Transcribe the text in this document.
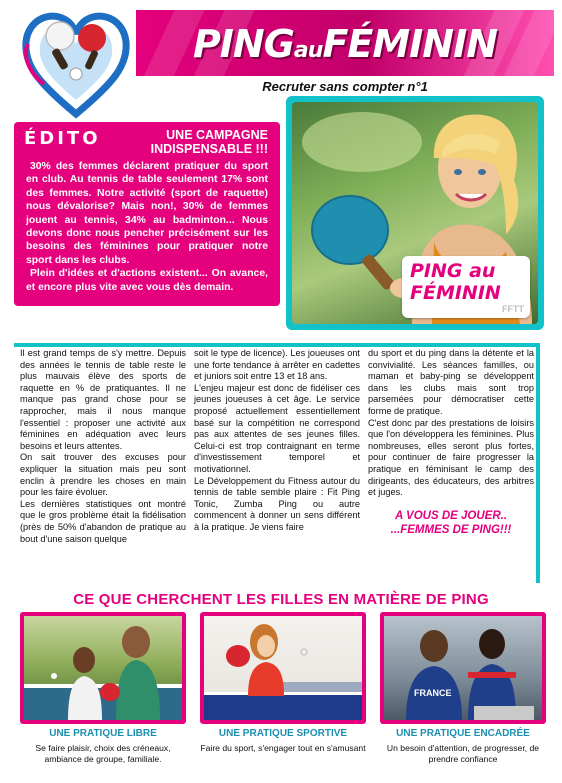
PINGauFÉMININ
Recruter sans compter n°1
ÉDITO	UNE CAMPAGNE INDISPENSABLE !!!

30% des femmes déclarent pratiquer du sport en club. Au tennis de table seulement 17% sont des femmes. Notre activité (sport de raquette) nous dévalorise? Mais non!, 30% de femmes jouent au tennis, 34% au badminton... Nous devons donc nous pencher précisément sur les besoins des féminines pour pratiquer notre sport dans les clubs.

Plein d'idées et d'actions existent... On avance, et encore plus vite avec vous dès demain.

PING au
FÉMININ
FFTT

Il est grand temps de s'y mettre. Depuis des années le tennis de table reste le plus mauvais élève des sports de raquette en % de pratiquantes. Il ne manque pas grand chose pour se rapprocher, mais il nous manque l'essentiel : proposer une activité aux féminines en adéquation avec leurs besoins et leurs attentes.

On sait trouver des excuses pour expliquer la situation mais peu sont enclin à prendre les choses en main pour les faire évoluer.

Les dernières statistiques ont montré que le gros problème était la fidélisation (près de 50% d'abandon de pratique au bout d'une saison quelque

soit le type de licence). Les joueuses ont une forte tendance à arrêter en cadettes et juniors soit entre 13 et 18 ans.

L'enjeu majeur est donc de fidéliser ces jeunes joueuses à cet âge. Le service proposé actuellement essentiellement basé sur la compétition ne correspond pas aux attentes de ses jeunes filles. Celui-ci est trop contraignant en terme d'investissement temporel et motivationnel.

Le Développement du Fitness autour du tennis de table semble plaire : Fit Ping Tonic, Zumba Ping ou autre commencent à donner un sens différent à la pratique. Je viens faire

du sport et du ping dans la détente et la convivialité. Les séances familles, ou maman et baby-ping se développent dans les clubs mais sont trop parsemées pour démocratiser cette forme de pratique.

C'est donc par des prestations de loisirs que l'on développera les féminines. Plus nombreuses, elles seront plus fortes, pour continuer de faire progresser la pratique en féminisant le camp des dirigeants, des éducateurs, des arbitres et juges.

A VOUS DE JOUER..
...FEMMES DE PING!!!
CE QUE CHERCHENT LES FILLES EN MATIÈRE DE PING
UNE PRATIQUE LIBRE
Se faire plaisir, choix des créneaux, ambiance de groupe, familiale.
UNE PRATIQUE SPORTIVE
Faire du sport, s'engager tout en s'amusant
FRANCE
UNE PRATIQUE ENCADRÉE
Un besoin d'attention, de progresser, de prendre confiance
